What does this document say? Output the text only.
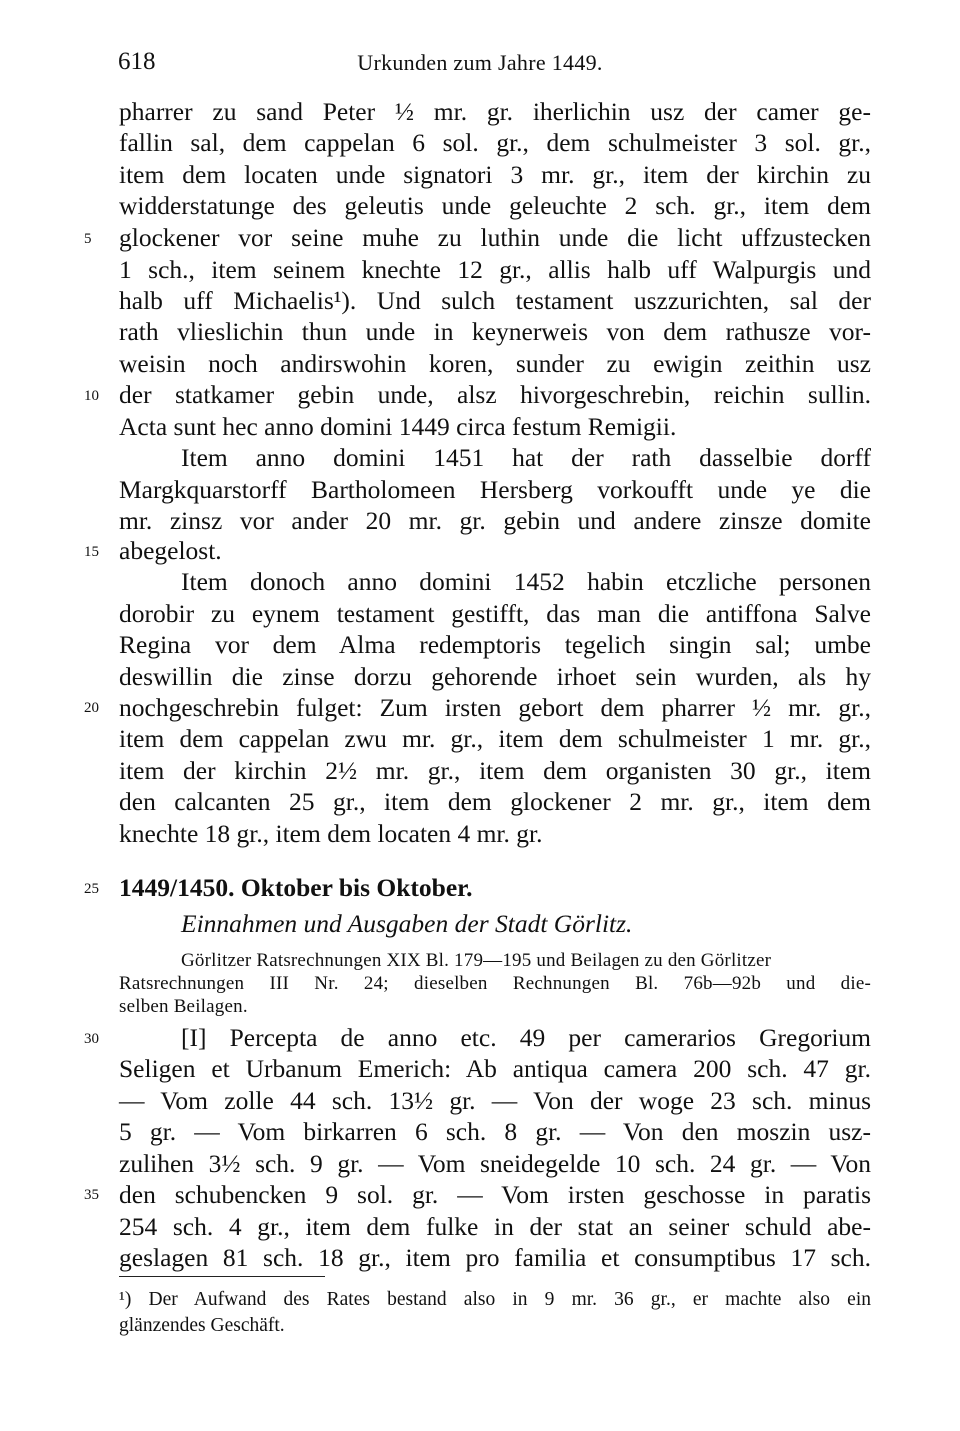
618	Urkunden zum Jahre 1449.
5
10
15
20
25
30
35
pharrer zu sand Peter ½ mr. gr. iherlichin usz der camer ge-
fallin sal, dem cappelan 6 sol. gr., dem schulmeister 3 sol. gr.,
item dem locaten unde signatori 3 mr. gr., item der kirchin zu
widderstatunge des geleutis unde geleuchte 2 sch. gr., item dem
glockener vor seine muhe zu luthin unde die licht uffzustecken
1 sch., item seinem knechte 12 gr., allis halb uff Walpurgis und
halb uff Michaelis¹). Und sulch testament uszzurichten, sal der
rath vlieslichin thun unde in keynerweis von dem rathusze vor-
weisin noch andirswohin koren, sunder zu ewigin zeithin usz
der statkamer gebin unde, alsz hivorgeschrebin, reichin sullin.
Acta sunt hec anno domini 1449 circa festum Remigii.
Item anno domini 1451 hat der rath dasselbie dorff
Margkquarstorff Bartholomeen Hersberg vorkoufft unde ye die
mr. zinsz vor ander 20 mr. gr. gebin und andere zinsze domite
abegelost.
Item donoch anno domini 1452 habin etczliche personen
dorobir zu eynem testament gestifft, das man die antiffona Salve
Regina vor dem Alma redemptoris tegelich singin sal; umbe
deswillin die zinse dorzu gehorende irhoet sein wurden, als hy
nochgeschrebin fulget: Zum irsten gebort dem pharrer ½ mr. gr.,
item dem cappelan zwu mr. gr., item dem schulmeister 1 mr. gr.,
item der kirchin 2½ mr. gr., item dem organisten 30 gr., item
den calcanten 25 gr., item dem glockener 2 mr. gr., item dem
knechte 18 gr., item dem locaten 4 mr. gr.
1449/1450. Oktober bis Oktober.
Einnahmen und Ausgaben der Stadt Görlitz.
Görlitzer Ratsrechnungen XIX Bl. 179—195 und Beilagen zu den Görlitzer
Ratsrechnungen III Nr. 24; dieselben Rechnungen Bl. 76b—92b und die-
selben Beilagen.
[I] Percepta de anno etc. 49 per camerarios Gregorium
Seligen et Urbanum Emerich: Ab antiqua camera 200 sch. 47 gr.
— Vom zolle 44 sch. 13½ gr. — Von der woge 23 sch. minus
5 gr. — Vom birkarren 6 sch. 8 gr. — Von den moszin usz-
zulihen 3½ sch. 9 gr. — Vom sneidegelde 10 sch. 24 gr. — Von
den schubencken 9 sol. gr. — Vom irsten geschosse in paratis
254 sch. 4 gr., item dem fulke in der stat an seiner schuld abe-
geslagen 81 sch. 18 gr., item pro familia et consumptibus 17 sch.
¹) Der Aufwand des Rates bestand also in 9 mr. 36 gr., er machte also ein
glänzendes Geschäft.
